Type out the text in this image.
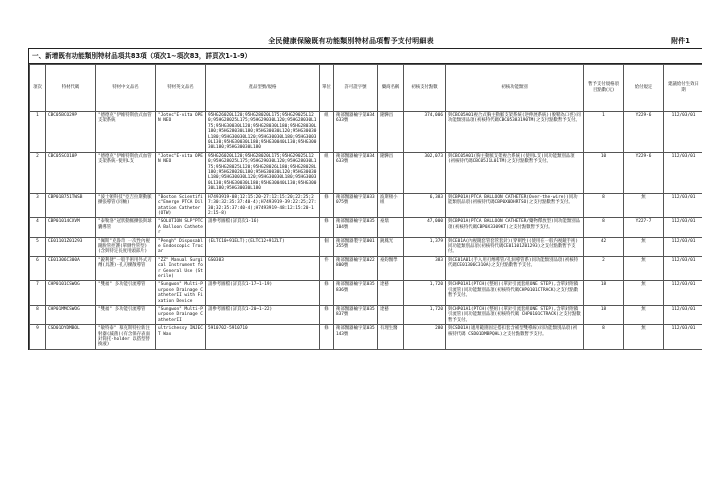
全民健康保險既有功能類別特材品項暫予支付明細表	附件1
一、新增既有功能類別特材品項共83項（項次1~項次83，詳頁次1-1-9）
項次	特材代碼	特材中文品名	特材英文品名	產品型號/規格	單位	許可證字號	藥商名稱	初核支付點數	初核功能類別	暫予支付規格項目點數(元)	給付規定	建議給付生效日期
1	CBC05BCO29P	"德德克"伊維特斯放式血管支架系統	"Jotec"E-vita OPEN NEO	95HG26020L120;95HG28020L175;95HG29025L120;95HG28025L175;95HG29030L120;95HG28030L175;95HG30030L120;95HG28030L180;95HG28030L180;95HG28030L180;95HG30030L120;95HG30030L180;95HG30030L120;95HG30030L180;95HG30030L130;95HG30030L180;95HG30040L130;95HG30030L180;95HG30030L180	組	衛部醫器輸字第034633號	隆驊昌	374,006	與CBC05A01複合式胸主動脈支架系統(逆伸展系統)(脫鞘為口徑)同功能類別品項(初核特代碼CBC05383190TM)之支付點數暫予支付。	1	Y229-6	112/03/01
2	CBC05SCO10P	"德德克"伊維特斯放式血管支架系統-使用L支	"Jotec"E-vita OPEN NEO	95HG26020L120;95HG28020L175;95HG29025L120;95HG28025L175;95HG29030L120;95HG28030L175;95HG28025L120;95HG28026L180;95HG28028L180;95HG28026L180;95HG30030L120;95HG30030L180;95HG30030L120;95HG30030L180;95HG30030L130;95HG30030L180;95HG30040L130;95HG30030L180;95HG30030L180	組	衛部醫器輸字第034633號	隆驊昌	302,073	與CBC05A01(胸主動脈支架複合系統)(使用L支)同功能類別品項(初核特代碼CBC05J1L01TM)之支付點數暫予支付。	10	Y229-6	112/03/01
3	CBP01B751TWSB	"波士頓科技"亞吉拉斯動脈擴張導管(同軸)	"Boston Scientific"Emerge PTCA Dilatation Catheter (OTW)	H7493919-08;12:15:20-27:12:15:20;22:25;27:30:32:35:37:40-4);H7493919-39:22:25;27:30;32:35:37:40-4);H7493919-48:12:15:20-12:15-8)	條	衛部醫器輸字第033075號	波斯頓小組	6,383	與CBP01A(PTCA BALLOON CATHETER(Over-the-wire))同功能類別品項(初核特代碼CBP0X0DHRTSO)之支付點數暫予支付。	8	無	112/03/01
4	CBP01014CXVM	"泰勒洛"冠狀動脈擴張與球囊導管	"SOLUTION SLP"PTCA Balloon Catheter	請參考圖檔(詳頁次1-16)	條	衛部醫器輸字第035104號	豪鼎	47,000	與CBP01A(PTCA BALLOON CATHETER/藥物釋放型)同功能類別品項(初核特代碼CBP0X3309KT)之支付點數暫予支付。	8	Y227-7	112/03/01
5	CE01101Z01293	"佩斯"克魯奇 一次性內視鏡脫管控護(單側性管型)(含與特定長度用頭部片)	"Pengh" Disposable Endoscopic Trocar	(ELTC10+91ELT);(ELTC12+91ZLT)	個	衛部醫器製字第001355號	銳鳳光	1,379	與CE01A(內視鏡套管套管套針)(穿刺性)(使用在一般内視鏡手術)同功能類別品項(初核特代碼CE01101Z01293)之支付點數暫予支付。	42	無	112/03/01
6	CE01306C300A	"銳利捷"一般手術用外式刃劑(具護)-孔刃擴散導管	"ZZ" Manual Surgical Instrument for General Use (Sterile)	GS0303	件	衛部醫器輸字第022800號	豪鈞醫學	383	與CE01A01(手入用刃劑導管/孔洞導管系)同功能類別品項(初核特代碼CE01306C310A)之支付點數暫予支付。	2	無	112/03/01
7	CHP0101CSWOG	"雙福" 多功能引流導管	"Sungwon" Multi-Purpose Drainage CatheterII with Fixation Device	請參考圖檔(詳頁次1-17~1-19)	條	衛部醫器輸字第035836號	達藝	1,720	與CHP01A1(PTCH)(整組)(單針引流套組ONE STEP),含單針附鎖引流管)同功能類別品項(初核特代碼CHP0101CTRACK)之支付點數暫予支付。	18	無	112/03/01
8	CHP01MMCSWOG	"雙福" 多功能引流導管	"Sungwon" Multi-Purpose Drainage CatheterII	請參考圖檔(詳頁次1-20~1-22)	條	衛部醫器輸字第035837號	達藝	1,720	與CHP01A1(PTCH)(整組)(單針引流套組ONE STEP),含單針附鎖引流管)同功能類別品項(初核特代碼 CHP0101CTRACK)之支付點數暫予支付。	18	無	112/03/01
9	CSD01DYDMBOL	"敏特泰" 慕克斯特拉新注射器(滅菌)(有含保存表面針筒托-holder 以搭型替換液)	ultrichessy INJECT Wax	5910702-5910710	條	衛部醫器輸字第035143號	有理生醫	280	與CSD01A(適用範圍固定搭扣套含補型雙導線)同功能類別品項(初核特代碼 CSD01DMBPQHL)之支付點數暫予支付。	8	無	112/03/01
